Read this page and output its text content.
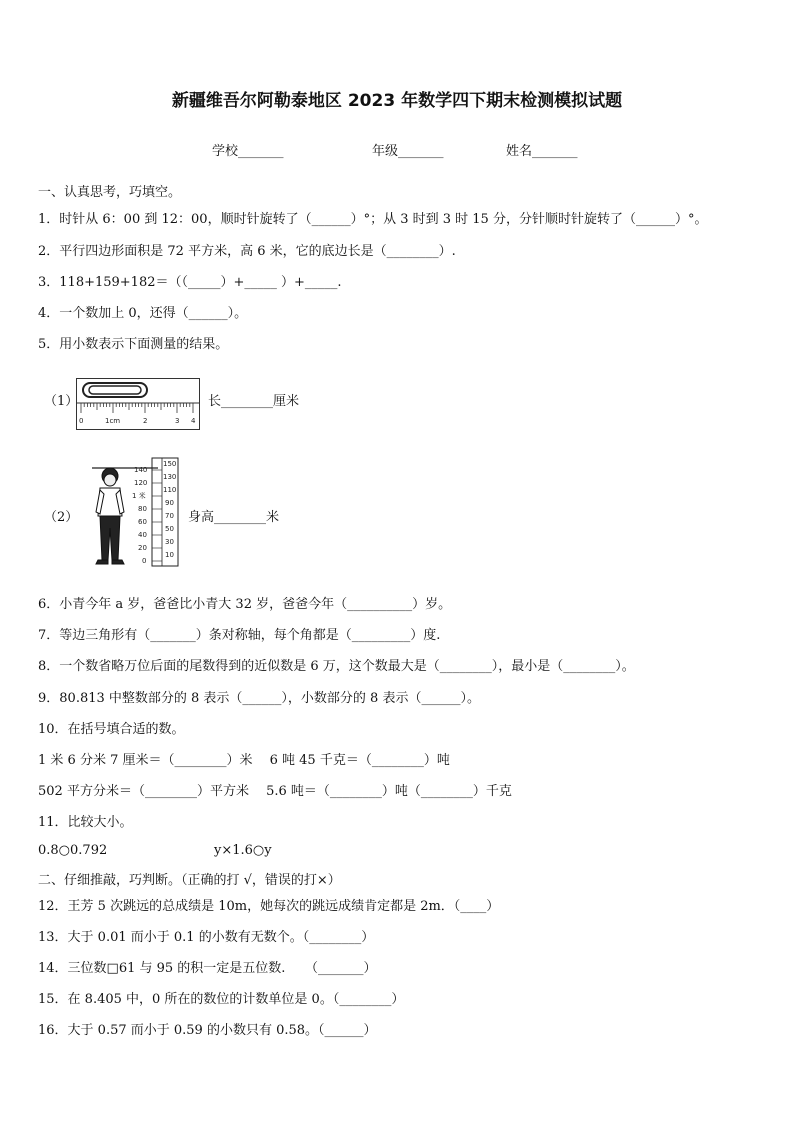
新疆维吾尔阿勒泰地区 2023 年数学四下期末检测模拟试题
学校_______	年级_______	姓名_______
一、认真思考，巧填空。
1．时针从 6：00 到 12：00，顺时针旋转了（______）°；从 3 时到 3 时 15 分，分针顺时针旋转了（______）°。
2．平行四边形面积是 72 平方米，高 6 米，它的底边长是（________）.
3．118+159+182＝（（_____）+_____ ）+_____.
4．一个数加上 0，还得（______）。
5．用小数表示下面测量的结果。
（1）
0	1cm	2	3 4
长________厘米
（2）
140
120
1 米
80
60
40
20
0
150
130
110
90
70
50
30
10
身高________米
6．小青今年 a 岁，爸爸比小青大 32 岁，爸爸今年（__________）岁。
7．等边三角形有（_______）条对称轴，每个角都是（_________）度.
8．一个数省略万位后面的尾数得到的近似数是 6 万，这个数最大是（________），最小是（________）。
9．80.813 中整数部分的 8 表示（______），小数部分的 8 表示（______）。
10．在括号填合适的数。
1 米 6 分米 7 厘米＝（________）米　 6 吨 45 千克＝（________）吨
502 平方分米＝（________）平方米　 5.6 吨＝（________）吨（________）千克
11．比较大小。
0.8○0.792	y×1.6○y
二、仔细推敲，巧判断。（正确的打 √，错误的打×）
12．王芳 5 次跳远的总成绩是 10m，她每次的跳远成绩肯定都是 2m．（____）
13．大于 0.01 而小于 0.1 的小数有无数个。（________）
14．三位数□61 与 95 的积一定是五位数.　　（_______）
15．在 8.405 中，0 所在的数位的计数单位是 0。（________）
16．大于 0.57 而小于 0.59 的小数只有 0.58。（______）
